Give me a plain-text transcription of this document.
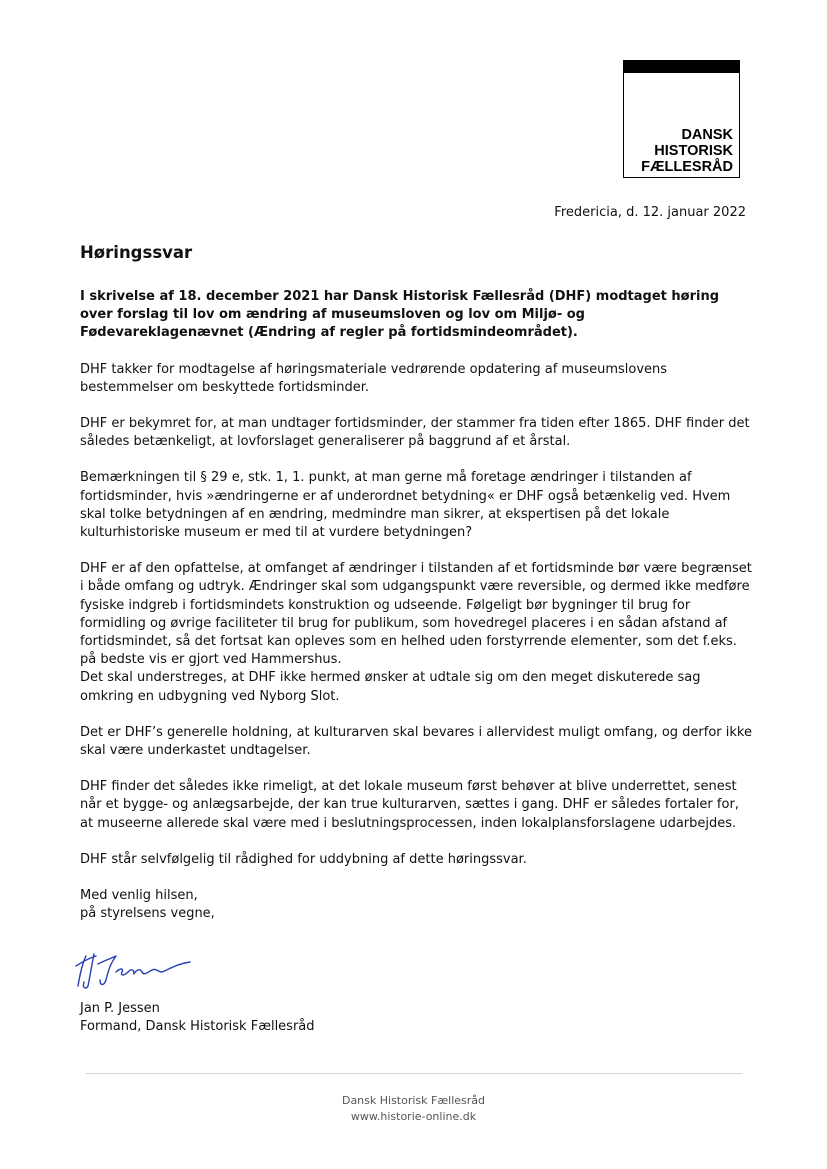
DANSK
HISTORISK
FÆLLESRÅD
Fredericia, d. 12. januar 2022
Høringssvar

I skrivelse af 18. december 2021 har Dansk Historisk Fællesråd (DHF) modtaget høring over forslag til lov om ændring af museumsloven og lov om Miljø- og Fødevareklagenævnet (Ændring af regler på fortidsmindeområdet).

DHF takker for modtagelse af høringsmateriale vedrørende opdatering af museumslovens bestemmelser om beskyttede fortidsminder.

DHF er bekymret for, at man undtager fortidsminder, der stammer fra tiden efter 1865. DHF finder det således betænkeligt, at lovforslaget generaliserer på baggrund af et årstal.

Bemærkningen til § 29 e, stk. 1, 1. punkt, at man gerne må foretage ændringer i tilstanden af fortidsminder, hvis »ændringerne er af underordnet betydning« er DHF også betænkelig ved. Hvem skal tolke betydningen af en ændring, medmindre man sikrer, at ekspertisen på det lokale kulturhistoriske museum er med til at vurdere betydningen?

DHF er af den opfattelse, at omfanget af ændringer i tilstanden af et fortidsminde bør være begrænset i både omfang og udtryk. Ændringer skal som udgangspunkt være reversible, og dermed ikke medføre fysiske indgreb i fortidsmindets konstruktion og udseende. Følgeligt bør bygninger til brug for formidling og øvrige faciliteter til brug for publikum, som hovedregel placeres i en sådan afstand af fortidsmindet, så det fortsat kan opleves som en helhed uden forstyrrende elementer, som det f.eks. på bedste vis er gjort ved Hammershus.

Det skal understreges, at DHF ikke hermed ønsker at udtale sig om den meget diskuterede sag omkring en udbygning ved Nyborg Slot.

Det er DHF’s generelle holdning, at kulturarven skal bevares i allervidest muligt omfang, og derfor ikke skal være underkastet undtagelser.

DHF finder det således ikke rimeligt, at det lokale museum først behøver at blive underrettet, senest når et bygge- og anlægsarbejde, der kan true kulturarven, sættes i gang. DHF er således fortaler for, at museerne allerede skal være med i beslutningsprocessen, inden lokalplansforslagene udarbejdes.

DHF står selvfølgelig til rådighed for uddybning af dette høringssvar.

Med venlig hilsen,
på styrelsens vegne,
Jan P. Jessen
Formand, Dansk Historisk Fællesråd
Dansk Historisk Fællesråd
www.historie-online.dk
